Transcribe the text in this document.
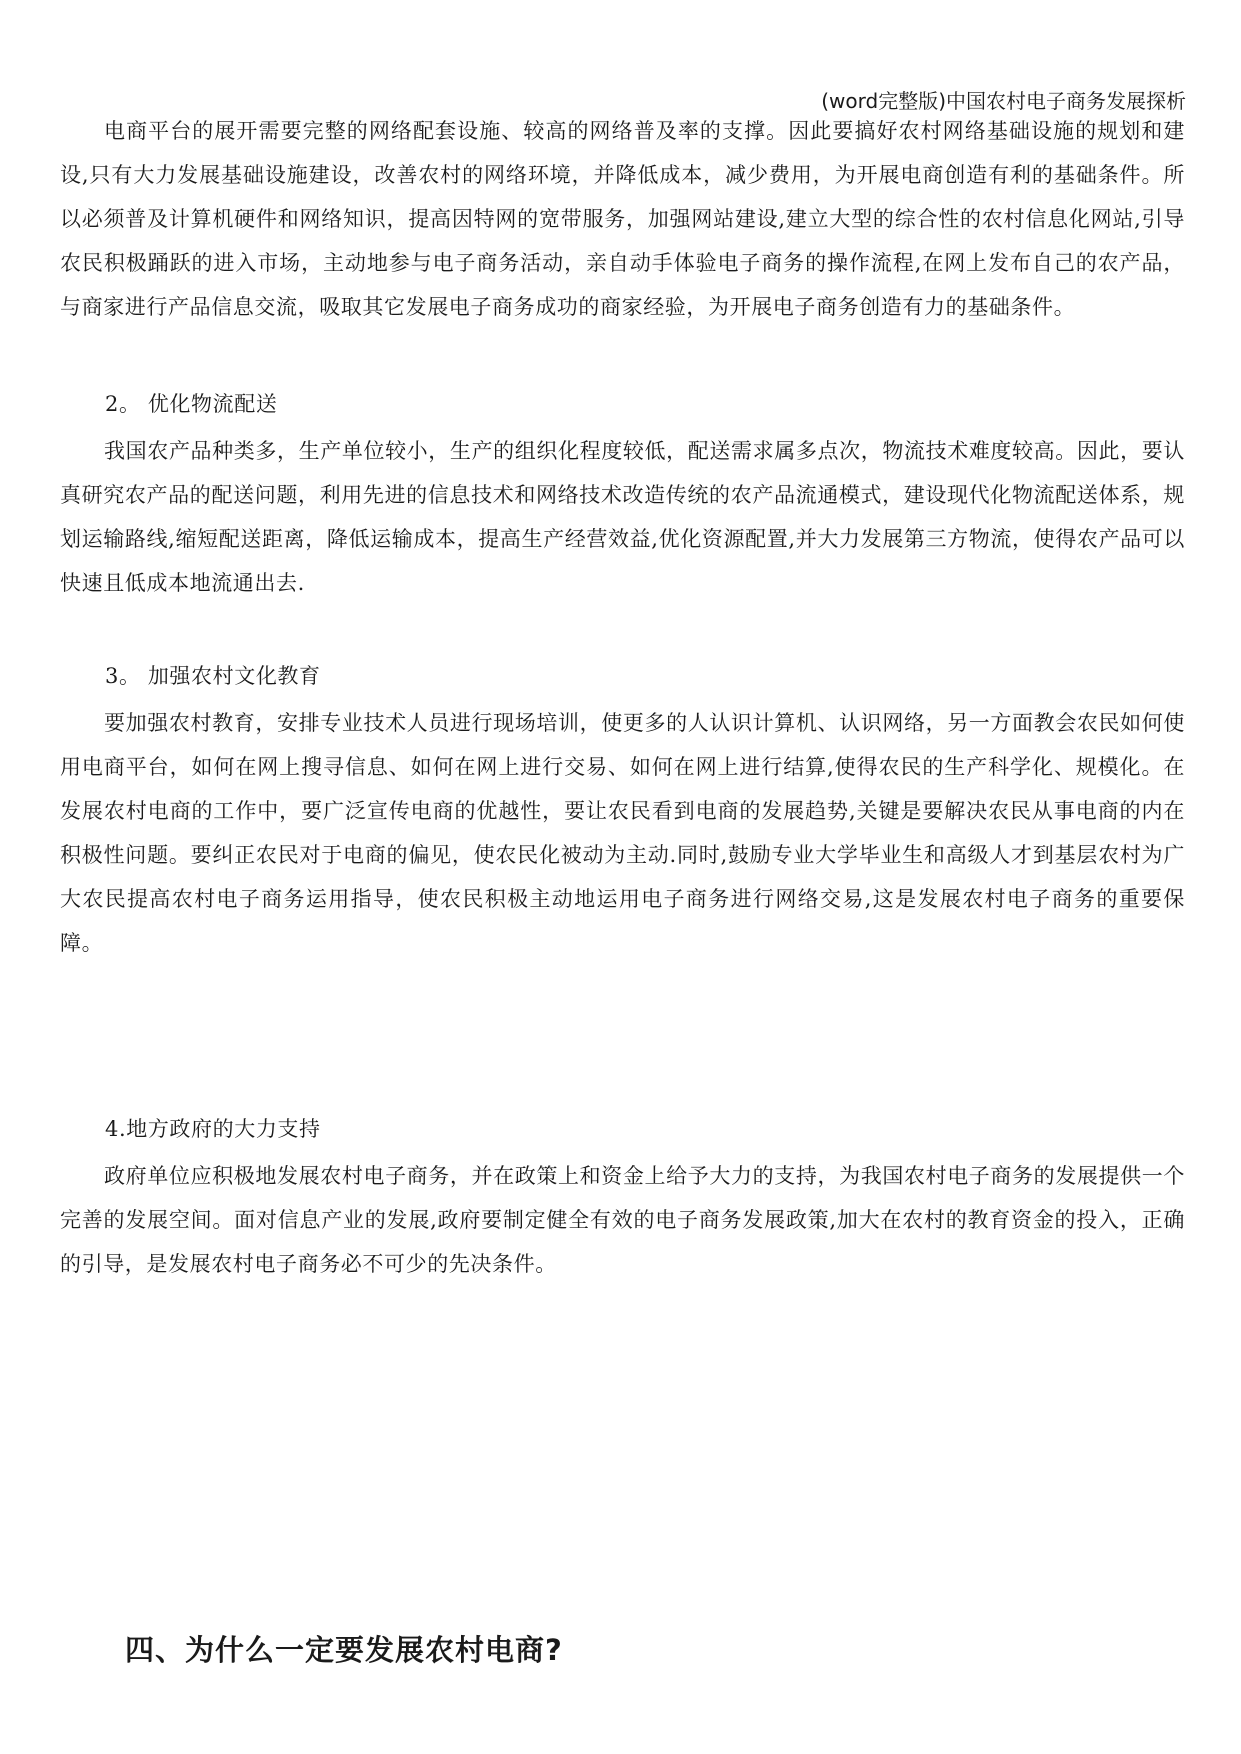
(word完整版)中国农村电子商务发展探析

电商平台的展开需要完整的网络配套设施、较高的网络普及率的支撑。因此要搞好农村网络基础设施的规划和建设,只有大力发展基础设施建设，改善农村的网络环境，并降低成本，减少费用，为开展电商创造有利的基础条件。所以必须普及计算机硬件和网络知识，提高因特网的宽带服务，加强网站建设,建立大型的综合性的农村信息化网站,引导农民积极踊跃的进入市场，主动地参与电子商务活动，亲自动手体验电子商务的操作流程,在网上发布自己的农产品，与商家进行产品信息交流，吸取其它发展电子商务成功的商家经验，为开展电子商务创造有力的基础条件。

2。 优化物流配送

我国农产品种类多，生产单位较小，生产的组织化程度较低，配送需求属多点次，物流技术难度较高。因此，要认真研究农产品的配送问题，利用先进的信息技术和网络技术改造传统的农产品流通模式，建设现代化物流配送体系，规划运输路线,缩短配送距离，降低运输成本，提高生产经营效益,优化资源配置,并大力发展第三方物流，使得农产品可以快速且低成本地流通出去.

3。 加强农村文化教育

要加强农村教育，安排专业技术人员进行现场培训，使更多的人认识计算机、认识网络，另一方面教会农民如何使用电商平台，如何在网上搜寻信息、如何在网上进行交易、如何在网上进行结算,使得农民的生产科学化、规模化。在发展农村电商的工作中，要广泛宣传电商的优越性，要让农民看到电商的发展趋势,关键是要解决农民从事电商的内在积极性问题。要纠正农民对于电商的偏见，使农民化被动为主动.同时,鼓励专业大学毕业生和高级人才到基层农村为广大农民提高农村电子商务运用指导，使农民积极主动地运用电子商务进行网络交易,这是发展农村电子商务的重要保障。

4.地方政府的大力支持

政府单位应积极地发展农村电子商务，并在政策上和资金上给予大力的支持，为我国农村电子商务的发展提供一个完善的发展空间。面对信息产业的发展,政府要制定健全有效的电子商务发展政策,加大在农村的教育资金的投入，正确的引导，是发展农村电子商务必不可少的先决条件。

四、为什么一定要发展农村电商?
